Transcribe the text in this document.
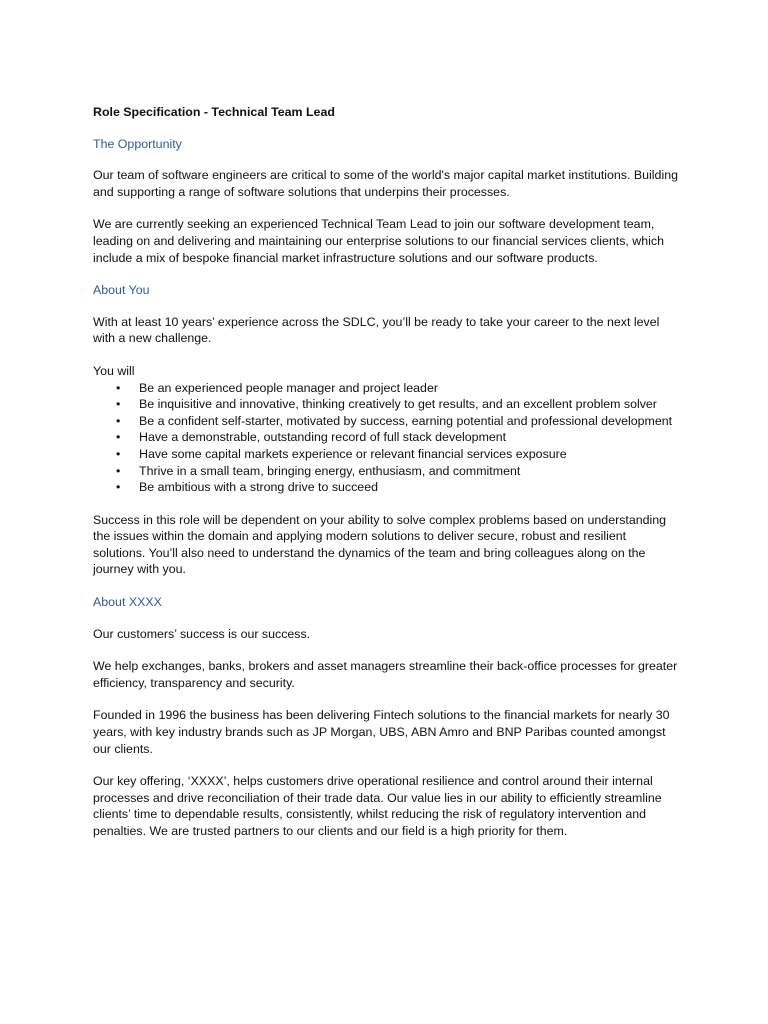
Role Specification - Technical Team Lead
The Opportunity

Our team of software engineers are critical to some of the world's major capital market institutions. Building and supporting a range of software solutions that underpins their processes.

We are currently seeking an experienced Technical Team Lead to join our software development team, leading on and delivering and maintaining our enterprise solutions to our financial services clients, which include a mix of bespoke financial market infrastructure solutions and our software products.

About You

With at least 10 years’ experience across the SDLC, you’ll be ready to take your career to the next level with a new challenge.

You will

• Be an experienced people manager and project leader
• Be inquisitive and innovative, thinking creatively to get results, and an excellent problem solver
• Be a confident self-starter, motivated by success, earning potential and professional development
• Have a demonstrable, outstanding record of full stack development
• Have some capital markets experience or relevant financial services exposure
• Thrive in a small team, bringing energy, enthusiasm, and commitment
• Be ambitious with a strong drive to succeed

Success in this role will be dependent on your ability to solve complex problems based on understanding the issues within the domain and applying modern solutions to deliver secure, robust and resilient solutions. You’ll also need to understand the dynamics of the team and bring colleagues along on the journey with you.

About XXXX

Our customers’ success is our success.

We help exchanges, banks, brokers and asset managers streamline their back-office processes for greater efficiency, transparency and security.

Founded in 1996 the business has been delivering Fintech solutions to the financial markets for nearly 30 years, with key industry brands such as JP Morgan, UBS, ABN Amro and BNP Paribas counted amongst our clients.

Our key offering, ‘XXXX’, helps customers drive operational resilience and control around their internal processes and drive reconciliation of their trade data. Our value lies in our ability to efficiently streamline clients’ time to dependable results, consistently, whilst reducing the risk of regulatory intervention and penalties. We are trusted partners to our clients and our field is a high priority for them.
